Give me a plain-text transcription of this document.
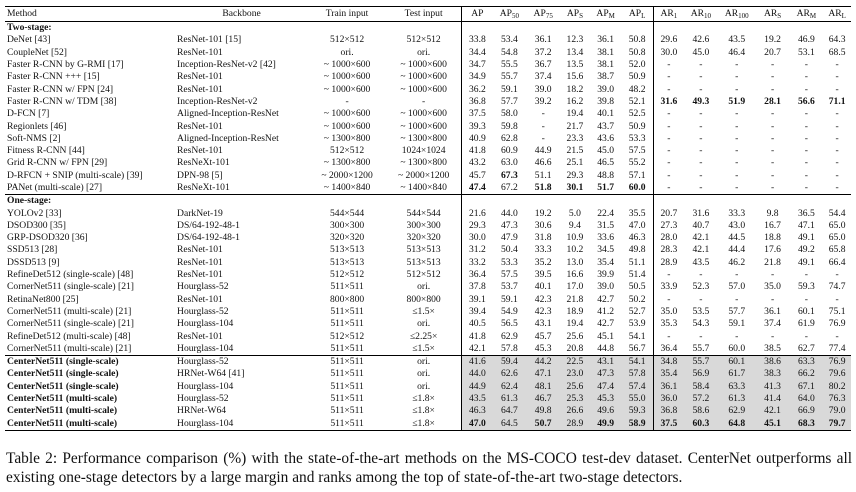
Method	Backbone	Train input	Test input	AP	$AP_{50}$	$AP_{75}$	$AP_S$	$AP_M$	$AP_L$	$AR_1$	$AR_{10}$	$AR_{100}$	$AR_S$	$AR_M$	$AR_L$
Two-stage:															
DeNet [43]	ResNet-101 [15]	512×512	512×512	33.8	53.4	36.1	12.3	36.1	50.8	29.6	42.6	43.5	19.2	46.9	64.3
CoupleNet [52]	ResNet-101	ori.	ori.	34.4	54.8	37.2	13.4	38.1	50.8	30.0	45.0	46.4	20.7	53.1	68.5
Faster R-CNN by G-RMI [17]	Inception-ResNet-v2 [42]	~ 1000×600	~ 1000×600	34.7	55.5	36.7	13.5	38.1	52.0	-	-	-	-	-	-
Faster R-CNN +++ [15]	ResNet-101	~ 1000×600	~ 1000×600	34.9	55.7	37.4	15.6	38.7	50.9	-	-	-	-	-	-
Faster R-CNN w/ FPN [24]	ResNet-101	~ 1000×600	~ 1000×600	36.2	59.1	39.0	18.2	39.0	48.2	-	-	-	-	-	-
Faster R-CNN w/ TDM [38]	Inception-ResNet-v2	-	-	36.8	57.7	39.2	16.2	39.8	52.1	31.6	49.3	51.9	28.1	56.6	71.1
D-FCN [7]	Aligned-Inception-ResNet	~ 1000×600	~ 1000×600	37.5	58.0	-	19.4	40.1	52.5	-	-	-	-	-	-
Regionlets [46]	ResNet-101	~ 1000×600	~ 1000×600	39.3	59.8	-	21.7	43.7	50.9	-	-	-	-	-	-
Soft-NMS [2]	Aligned-Inception-ResNet	~ 1300×800	~ 1300×800	40.9	62.8	-	23.3	43.6	53.3	-	-	-	-	-	-
Fitness R-CNN [44]	ResNet-101	512×512	1024×1024	41.8	60.9	44.9	21.5	45.0	57.5	-	-	-	-	-	-
Grid R-CNN w/ FPN [29]	ResNeXt-101	~ 1300×800	~ 1300×800	43.2	63.0	46.6	25.1	46.5	55.2	-	-	-	-	-	-
D-RFCN + SNIP (multi-scale) [39]	DPN-98 [5]	~ 2000×1200	~ 2000×1200	45.7	67.3	51.1	29.3	48.8	57.1	-	-	-	-	-	-
PANet (multi-scale) [27]	ResNeXt-101	~ 1400×840	~ 1400×840	47.4	67.2	51.8	30.1	51.7	60.0	-	-	-	-	-	-
One-stage:															
YOLOv2 [33]	DarkNet-19	544×544	544×544	21.6	44.0	19.2	5.0	22.4	35.5	20.7	31.6	33.3	9.8	36.5	54.4
DSOD300 [35]	DS/64-192-48-1	300×300	300×300	29.3	47.3	30.6	9.4	31.5	47.0	27.3	40.7	43.0	16.7	47.1	65.0
GRP-DSOD320 [36]	DS/64-192-48-1	320×320	320×320	30.0	47.9	31.8	10.9	33.6	46.3	28.0	42.1	44.5	18.8	49.1	65.0
SSD513 [28]	ResNet-101	513×513	513×513	31.2	50.4	33.3	10.2	34.5	49.8	28.3	42.1	44.4	17.6	49.2	65.8
DSSD513 [9]	ResNet-101	513×513	513×513	33.2	53.3	35.2	13.0	35.4	51.1	28.9	43.5	46.2	21.8	49.1	66.4
RefineDet512 (single-scale) [48]	ResNet-101	512×512	512×512	36.4	57.5	39.5	16.6	39.9	51.4	-	-	-	-	-	-
CornerNet511 (single-scale) [21]	Hourglass-52	511×511	ori.	37.8	53.7	40.1	17.0	39.0	50.5	33.9	52.3	57.0	35.0	59.3	74.7
RetinaNet800 [25]	ResNet-101	800×800	800×800	39.1	59.1	42.3	21.8	42.7	50.2	-	-	-	-	-	-
CornerNet511 (multi-scale) [21]	Hourglass-52	511×511	≤1.5×	39.4	54.9	42.3	18.9	41.2	52.7	35.0	53.5	57.7	36.1	60.1	75.1
CornerNet511 (single-scale) [21]	Hourglass-104	511×511	ori.	40.5	56.5	43.1	19.4	42.7	53.9	35.3	54.3	59.1	37.4	61.9	76.9
RefineDet512 (multi-scale) [48]	ResNet-101	512×512	≤2.25×	41.8	62.9	45.7	25.6	45.1	54.1	-	-	-	-	-	-
CornerNet511 (multi-scale) [21]	Hourglass-104	511×511	≤1.5×	42.1	57.8	45.3	20.8	44.8	56.7	36.4	55.7	60.0	38.5	62.7	77.4
CenterNet511 (single-scale)	Hourglass-52	511×511	ori.	41.6	59.4	44.2	22.5	43.1	54.1	34.8	55.7	60.1	38.6	63.3	76.9
CenterNet511 (single-scale)	HRNet-W64 [41]	511×511	ori.	44.0	62.6	47.1	23.0	47.3	57.8	35.4	56.9	61.7	38.3	66.2	79.6
CenterNet511 (single-scale)	Hourglass-104	511×511	ori.	44.9	62.4	48.1	25.6	47.4	57.4	36.1	58.4	63.3	41.3	67.1	80.2
CenterNet511 (multi-scale)	Hourglass-52	511×511	≤1.8×	43.5	61.3	46.7	25.3	45.3	55.0	36.0	57.2	61.3	41.4	64.0	76.3
CenterNet511 (multi-scale)	HRNet-W64	511×511	≤1.8×	46.3	64.7	49.8	26.6	49.6	59.3	36.8	58.6	62.9	42.1	66.9	79.0
CenterNet511 (multi-scale)	Hourglass-104	511×511	≤1.8×	47.0	64.5	50.7	28.9	49.9	58.9	37.5	60.3	64.8	45.1	68.3	79.7
Table 2: Performance comparison (%) with the state-of-the-art methods on the MS-COCO test-dev dataset. CenterNet outperforms all existing one-stage detectors by a large margin and ranks among the top of state-of-the-art two-stage detectors.
